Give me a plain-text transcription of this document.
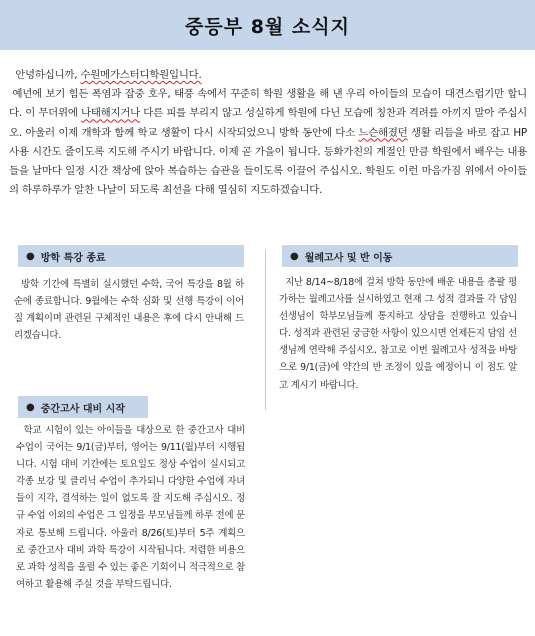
중등부 8월 소식지

안녕하십니까, 수원메가스터디학원입니다.

예년에 보기 힘든 폭염과 잡중 호우, 태풍 속에서 꾸준히 학원 생활을 해 낸 우리 아이들의 모습이 대견스럽기만 합니다. 이 무더위에 나태해지거나 다른 피를 부리지 않고 성실하게 학원에 다닌 모습에 칭찬과 격려를 아끼지 말아 주십시오. 아울러 이제 개학과 함께 학교 생활이 다시 시작되었으니 방학 동안에 다소 느슨해졌던 생활 리듬을 바로 잡고 HP 사용 시간도 줄이도록 지도해 주시기 바랍니다. 이제 곧 가을이 됩니다. 등화가친의 계절인 만큼 학원에서 배우는 내용들을 날마다 일정 시간 책상에 앉아 복습하는 습관을 들이도록 이끌어 주십시오. 학원도 이런 마음가짐 위에서 아이들의 하루하루가 알찬 나날이 되도록 최선을 다해 열심히 지도하겠습니다.

● 방학 특강 종료

방학 기간에 특별히 실시했던 수학, 국어 특강을 8월 하순에 종료합니다. 9월에는 수학 심화 및 선행 특강이 이어질 계획이며 관련된 구체적인 내용은 후에 다시 안내해 드리겠습니다.

● 월례고사 및 반 이동

지난 8/14~8/18에 걸쳐 방학 동안에 배운 내용을 총괄 평가하는 월례고사를 실시하였고 현재 그 성적 결과를 각 담임 선생님이 학부모님들께 통지하고 상담을 진행하고 있습니다. 성적과 관련된 궁금한 사항이 있으시면 언제든지 담임 선생님께 연락해 주십시오. 참고로 이번 월례고사 성적을 바탕으로 9/1(금)에 약간의 반 조정이 있을 예정이니 이 점도 알고 계시기 바랍니다.

● 중간고사 대비 시작

학교 시험이 있는 아이들을 대상으로 한 중간고사 대비 수업이 국어는 9/1(금)부터, 영어는 9/11(월)부터 시행됩니다. 시험 대비 기간에는 토요일도 정상 수업이 실시되고 각종 보강 및 클리닉 수업이 추가되니 다양한 수업에 자녀들이 지각, 결석하는 일이 없도록 잘 지도해 주십시오. 정규 수업 이외의 수업은 그 일정을 부모님들께 하루 전에 문자로 통보해 드립니다. 아울러 8/26(토)부터 5주 계획으로 중간고사 대비 과학 특강이 시작됩니다. 저렴한 비용으로 과학 성적을 올릴 수 있는 좋은 기회이니 적극적으로 참여하고 활용해 주실 것을 부탁드립니다.
